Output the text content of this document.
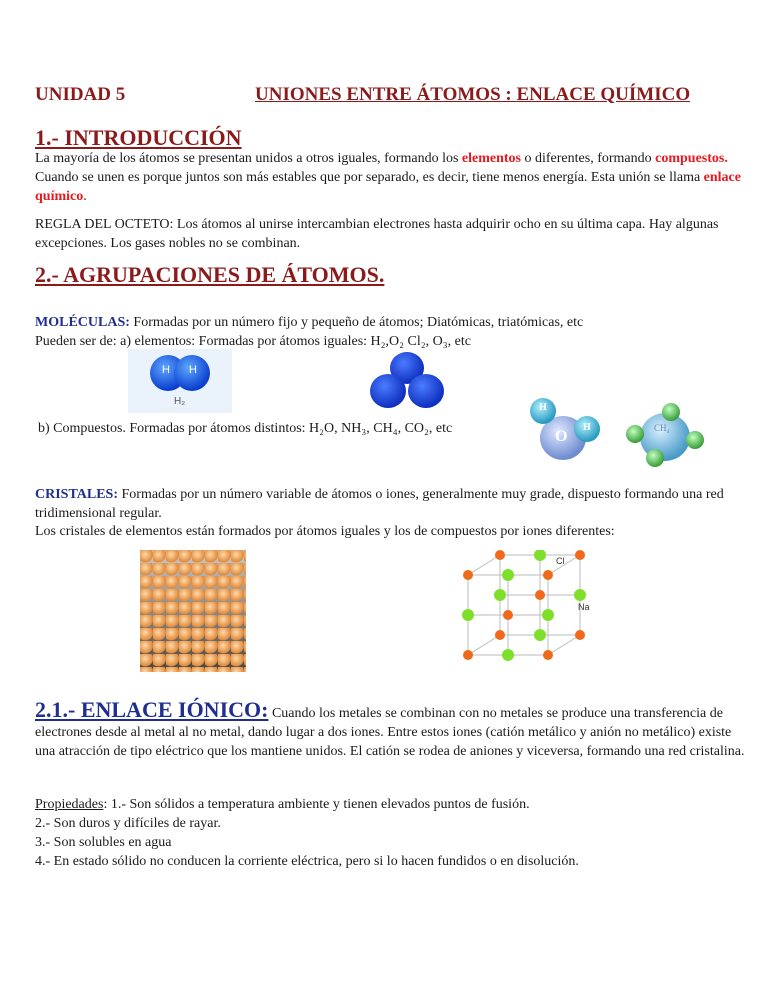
UNIDAD 5	UNIONES ENTRE ÁTOMOS : ENLACE QUÍMICO
1.- INTRODUCCIÓN
La mayoría de los átomos se presentan unidos a otros iguales, formando los elementos o diferentes, formando compuestos. Cuando se unen es porque juntos son más estables que por separado, es decir, tiene menos energía. Esta unión se llama enlace químico.
REGLA DEL OCTETO: Los átomos al unirse intercambian electrones hasta adquirir ocho en su última capa. Hay algunas excepciones. Los gases nobles no se combinan.
2.- AGRUPACIONES DE ÁTOMOS.
MOLÉCULAS: Formadas por un número fijo y pequeño de átomos; Diatómicas, triatómicas, etc
Pueden ser de: a) elementos: Formadas por átomos iguales: H₂,O₂ Cl₂, O₃, etc
H H
H₂
b) Compuestos. Formadas por átomos distintos: H₂O, NH₃, CH₄, CO₂, etc
H
H
O	CH₄
CRISTALES: Formadas por un número variable de átomos o iones, generalmente muy grade, dispuesto formando una red tridimensional regular.
Los cristales de elementos están formados por átomos iguales y los de compuestos por iones diferentes:
Cl
Na
2.1.- ENLACE IÓNICO: Cuando los metales se combinan con no metales se produce una transferencia de electrones desde al metal al no metal, dando lugar a dos iones. Entre estos iones (catión metálico y anión no metálico) existe una atracción de tipo eléctrico que los mantiene unidos. El catión se rodea de aniones y viceversa, formando una red cristalina.
Propiedades: 1.- Son sólidos a temperatura ambiente y tienen elevados puntos de fusión.
2.- Son duros y difíciles de rayar.
3.- Son solubles en agua
4.- En estado sólido no conducen la corriente eléctrica, pero si lo hacen fundidos o en disolución.
